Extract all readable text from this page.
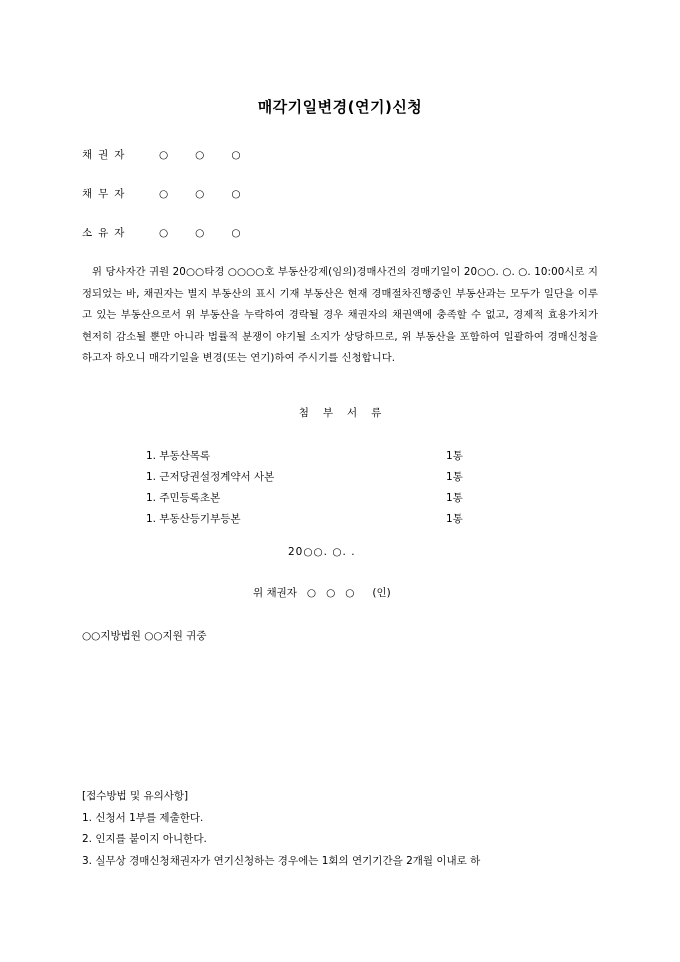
매각기일변경(연기)신청
채권자	○○○
채무자	○○○
소유자	○○○
위 당사자간 귀원 20○○타경 ○○○○호 부동산강제(임의)경매사건의 경매기일이 20○○. ○. ○. 10:00시로 지정되었는 바, 채권자는 별지 부동산의 표시 기재 부동산은 현재 경매절차진행중인 부동산과는 모두가 일단을 이루고 있는 부동산으로서 위 부동산을 누락하여 경락될 경우 채권자의 채권액에 충족할 수 없고, 경제적 효용가치가 현저히 감소될 뿐만 아니라 법률적 분쟁이 야기될 소지가 상당하므로, 위 부동산을 포함하여 일괄하여 경매신청을 하고자 하오니 매각기일을 변경(또는 연기)하여 주시기를 신청합니다.
첨부서류
1. 부동산목록	1통
1. 근저당권설정계약서 사본	1통
1. 주민등록초본	1통
1. 부동산등기부등본	1통
20○○. ○. .
위 채권자 ○○○ (인)
○○지방법원 ○○지원 귀중
[접수방법 및 유의사항]
1. 신청서 1부를 제출한다.
2. 인지를 붙이지 아니한다.
3. 실무상 경매신청채권자가 연기신청하는 경우에는 1회의 연기기간을 2개월 이내로 하
